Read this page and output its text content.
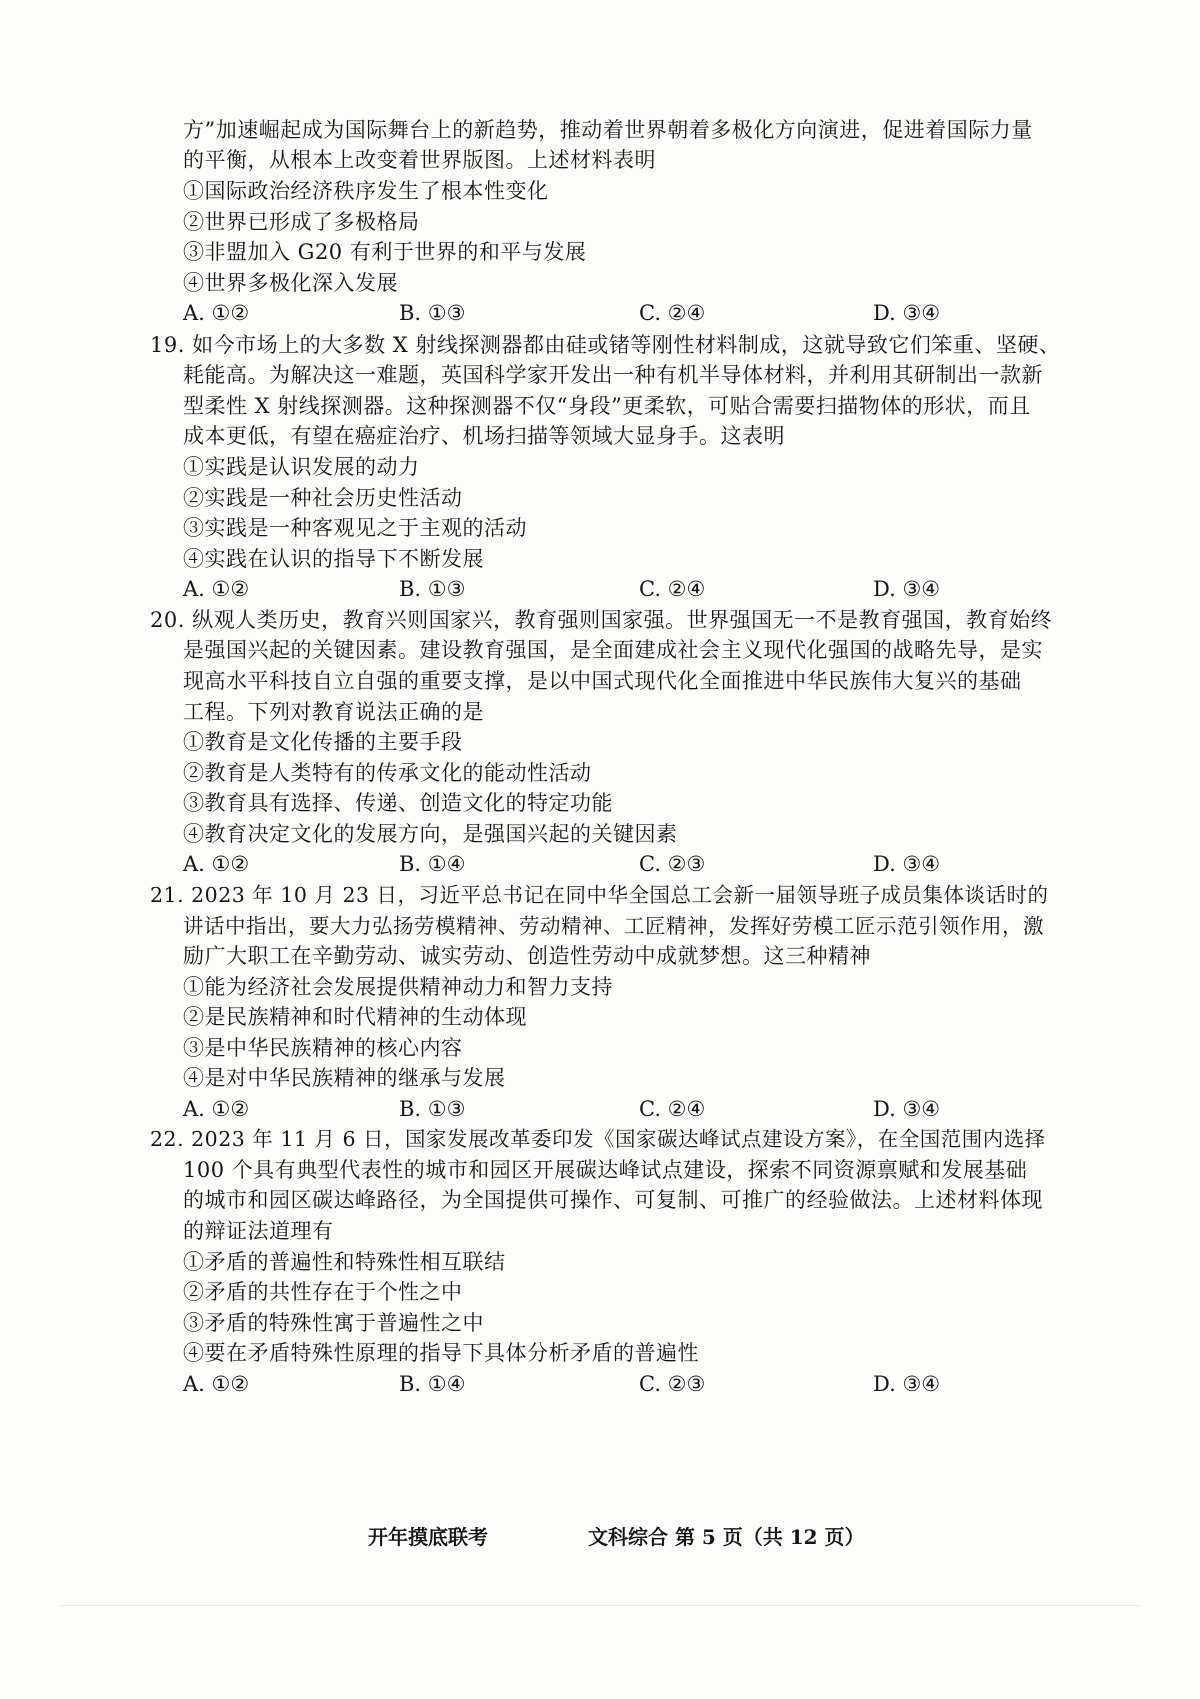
方”加速崛起成为国际舞台上的新趋势，推动着世界朝着多极化方向演进，促进着国际力量
的平衡，从根本上改变着世界版图。上述材料表明
①国际政治经济秩序发生了根本性变化
②世界已形成了多极格局
③非盟加入 G20 有利于世界的和平与发展
④世界多极化深入发展
A. ①②	B. ①③	C. ②④	D. ③④
19. 如今市场上的大多数 X 射线探测器都由硅或锗等刚性材料制成，这就导致它们笨重、坚硬、
耗能高。为解决这一难题，英国科学家开发出一种有机半导体材料，并利用其研制出一款新
型柔性 X 射线探测器。这种探测器不仅“身段”更柔软，可贴合需要扫描物体的形状，而且
成本更低，有望在癌症治疗、机场扫描等领域大显身手。这表明
①实践是认识发展的动力
②实践是一种社会历史性活动
③实践是一种客观见之于主观的活动
④实践在认识的指导下不断发展
A. ①②	B. ①③	C. ②④	D. ③④
20. 纵观人类历史，教育兴则国家兴，教育强则国家强。世界强国无一不是教育强国，教育始终
是强国兴起的关键因素。建设教育强国，是全面建成社会主义现代化强国的战略先导，是实
现高水平科技自立自强的重要支撑，是以中国式现代化全面推进中华民族伟大复兴的基础
工程。下列对教育说法正确的是
①教育是文化传播的主要手段
②教育是人类特有的传承文化的能动性活动
③教育具有选择、传递、创造文化的特定功能
④教育决定文化的发展方向，是强国兴起的关键因素
A. ①②	B. ①④	C. ②③	D. ③④
21. 2023 年 10 月 23 日，习近平总书记在同中华全国总工会新一届领导班子成员集体谈话时的
讲话中指出，要大力弘扬劳模精神、劳动精神、工匠精神，发挥好劳模工匠示范引领作用，激
励广大职工在辛勤劳动、诚实劳动、创造性劳动中成就梦想。这三种精神
①能为经济社会发展提供精神动力和智力支持
②是民族精神和时代精神的生动体现
③是中华民族精神的核心内容
④是对中华民族精神的继承与发展
A. ①②	B. ①③	C. ②④	D. ③④
22. 2023 年 11 月 6 日，国家发展改革委印发《国家碳达峰试点建设方案》，在全国范围内选择
100 个具有典型代表性的城市和园区开展碳达峰试点建设，探索不同资源禀赋和发展基础
的城市和园区碳达峰路径，为全国提供可操作、可复制、可推广的经验做法。上述材料体现
的辩证法道理有
①矛盾的普遍性和特殊性相互联结
②矛盾的共性存在于个性之中
③矛盾的特殊性寓于普遍性之中
④要在矛盾特殊性原理的指导下具体分析矛盾的普遍性
A. ①②	B. ①④	C. ②③	D. ③④
开年摸底联考	文科综合 第 5 页（共 12 页）
